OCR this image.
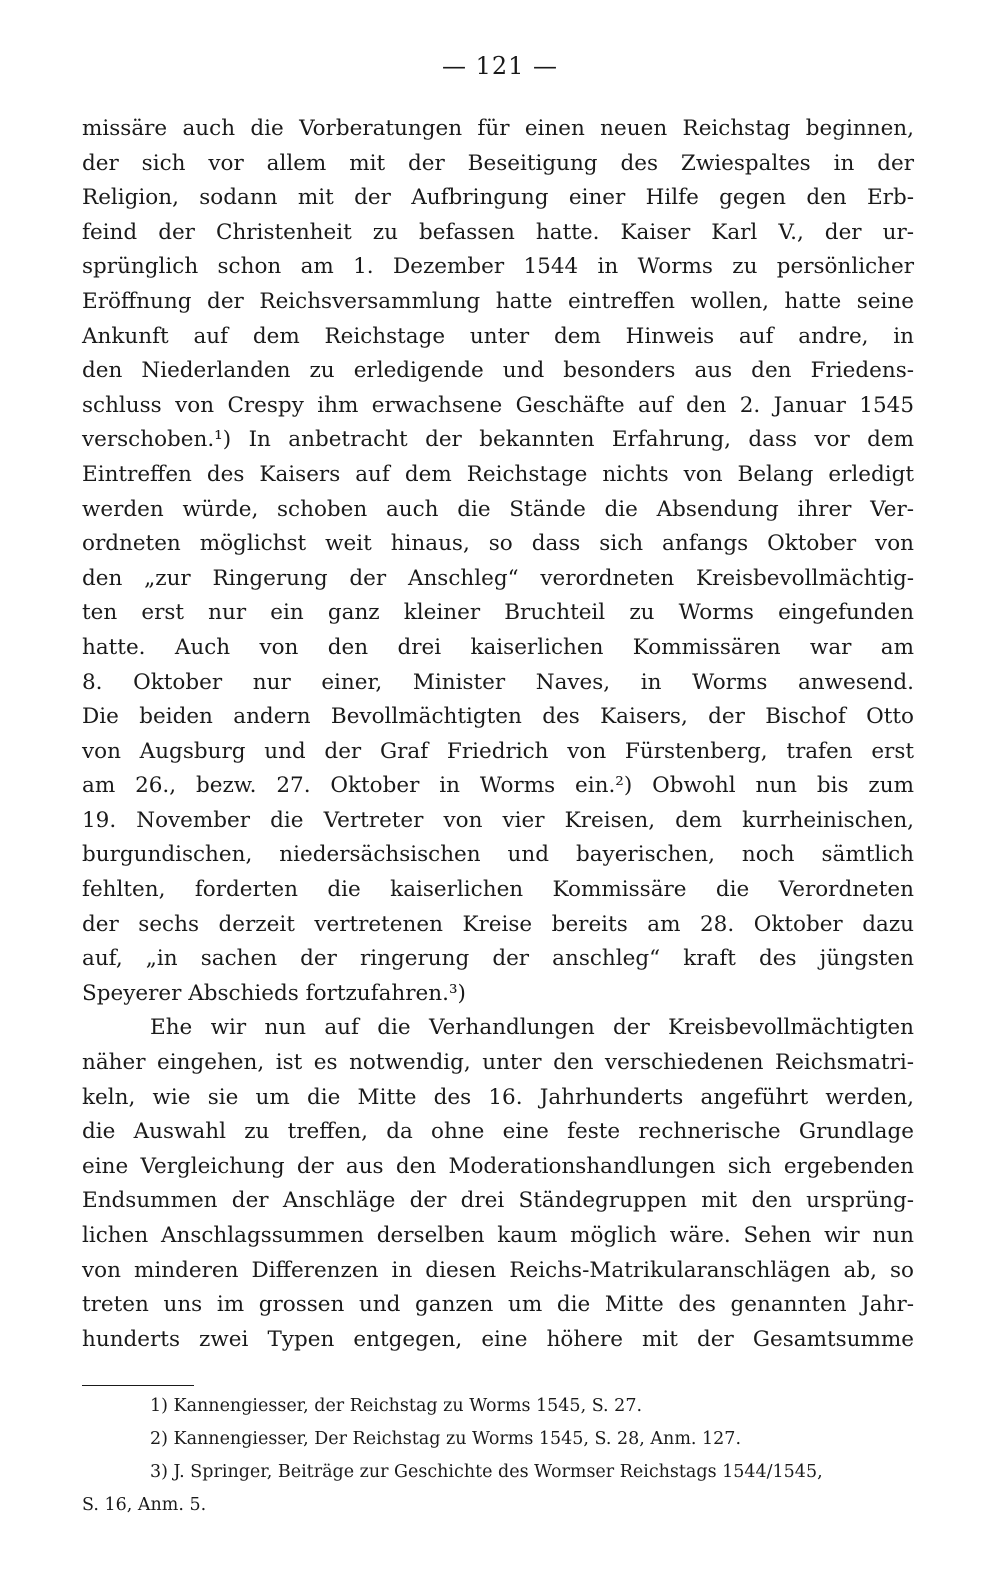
— 121 —
missäre auch die Vorberatungen für einen neuen Reichstag beginnen,
der sich vor allem mit der Beseitigung des Zwiespaltes in der
Religion, sodann mit der Aufbringung einer Hilfe gegen den Erb-
feind der Christenheit zu befassen hatte. Kaiser Karl V., der ur-
sprünglich schon am 1. Dezember 1544 in Worms zu persönlicher
Eröffnung der Reichsversammlung hatte eintreffen wollen, hatte seine
Ankunft auf dem Reichstage unter dem Hinweis auf andre, in
den Niederlanden zu erledigende und besonders aus den Friedens-
schluss von Crespy ihm erwachsene Geschäfte auf den 2. Januar 1545
verschoben.¹) In anbetracht der bekannten Erfahrung, dass vor dem
Eintreffen des Kaisers auf dem Reichstage nichts von Belang erledigt
werden würde, schoben auch die Stände die Absendung ihrer Ver-
ordneten möglichst weit hinaus, so dass sich anfangs Oktober von
den „zur Ringerung der Anschleg“ verordneten Kreisbevollmächtig-
ten erst nur ein ganz kleiner Bruchteil zu Worms eingefunden
hatte. Auch von den drei kaiserlichen Kommissären war am
8. Oktober nur einer, Minister Naves, in Worms anwesend.
Die beiden andern Bevollmächtigten des Kaisers, der Bischof Otto
von Augsburg und der Graf Friedrich von Fürstenberg, trafen erst
am 26., bezw. 27. Oktober in Worms ein.²) Obwohl nun bis zum
19. November die Vertreter von vier Kreisen, dem kurrheinischen,
burgundischen, niedersächsischen und bayerischen, noch sämtlich
fehlten, forderten die kaiserlichen Kommissäre die Verordneten
der sechs derzeit vertretenen Kreise bereits am 28. Oktober dazu
auf, „in sachen der ringerung der anschleg“ kraft des jüngsten
Speyerer Abschieds fortzufahren.³)
Ehe wir nun auf die Verhandlungen der Kreisbevollmächtigten
näher eingehen, ist es notwendig, unter den verschiedenen Reichsmatri-
keln, wie sie um die Mitte des 16. Jahrhunderts angeführt werden,
die Auswahl zu treffen, da ohne eine feste rechnerische Grundlage
eine Vergleichung der aus den Moderationshandlungen sich ergebenden
Endsummen der Anschläge der drei Ständegruppen mit den ursprüng-
lichen Anschlagssummen derselben kaum möglich wäre. Sehen wir nun
von minderen Differenzen in diesen Reichs-Matrikularanschlägen ab, so
treten uns im grossen und ganzen um die Mitte des genannten Jahr-
hunderts zwei Typen entgegen, eine höhere mit der Gesamtsumme
1) Kannengiesser, der Reichstag zu Worms 1545, S. 27.
2) Kannengiesser, Der Reichstag zu Worms 1545, S. 28, Anm. 127.
3) J. Springer, Beiträge zur Geschichte des Wormser Reichstags 1544/1545,
S. 16, Anm. 5.
